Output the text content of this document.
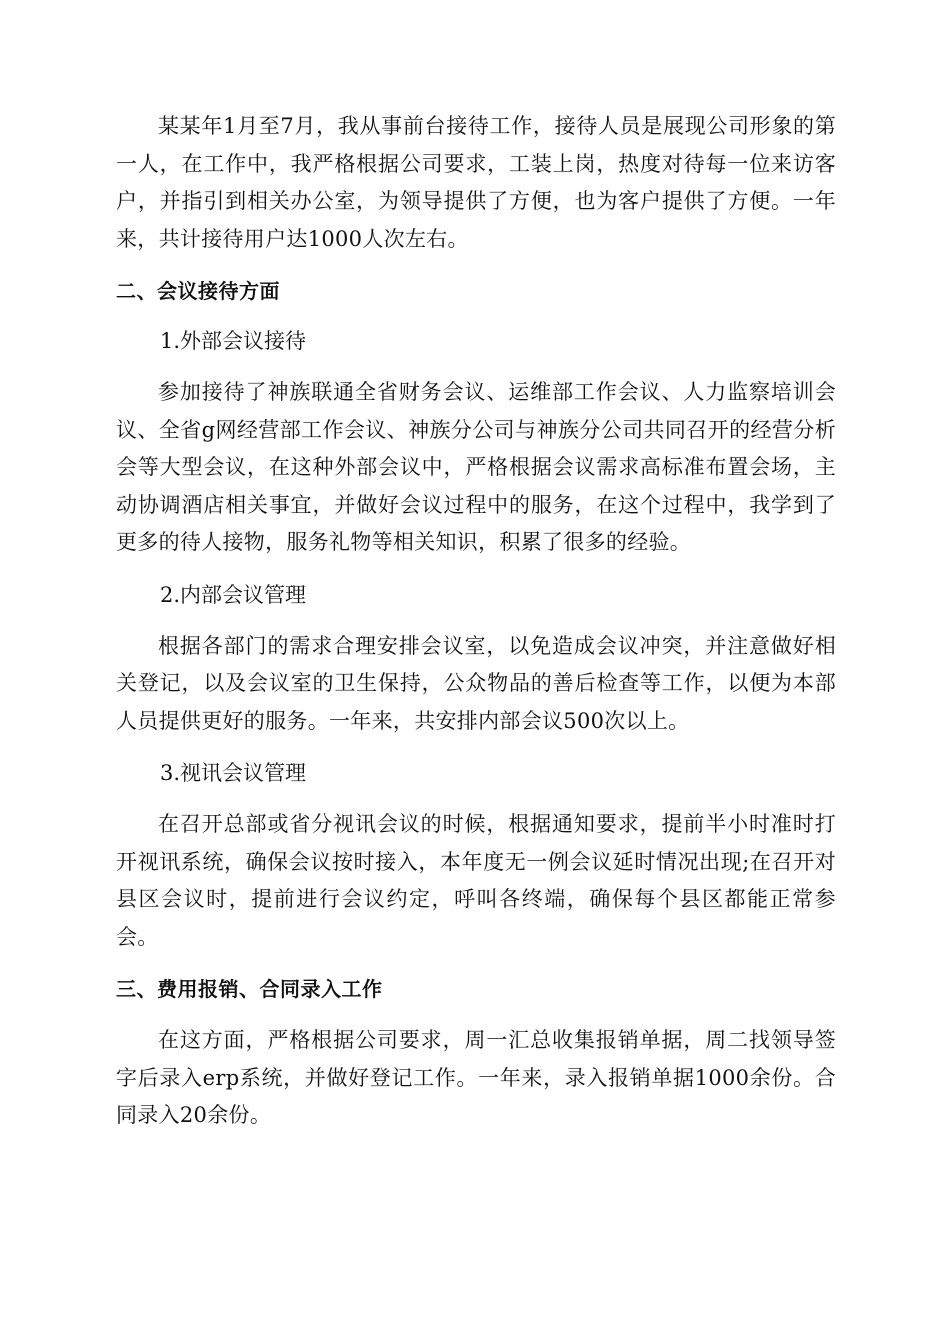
某某年1月至7月，我从事前台接待工作，接待人员是展现公司形象的第一人，在工作中，我严格根据公司要求，工装上岗，热度对待每一位来访客户，并指引到相关办公室，为领导提供了方便，也为客户提供了方便。一年来，共计接待用户达1000人次左右。

二、会议接待方面
1.外部会议接待

参加接待了神族联通全省财务会议、运维部工作会议、人力监察培训会议、全省g网经营部工作会议、神族分公司与神族分公司共同召开的经营分析会等大型会议，在这种外部会议中，严格根据会议需求高标准布置会场，主动协调酒店相关事宜，并做好会议过程中的服务，在这个过程中，我学到了更多的待人接物，服务礼物等相关知识，积累了很多的经验。

2.内部会议管理

根据各部门的需求合理安排会议室，以免造成会议冲突，并注意做好相关登记，以及会议室的卫生保持，公众物品的善后检查等工作，以便为本部人员提供更好的服务。一年来，共安排内部会议500次以上。

3.视讯会议管理

在召开总部或省分视讯会议的时候，根据通知要求，提前半小时准时打开视讯系统，确保会议按时接入，本年度无一例会议延时情况出现;在召开对县区会议时，提前进行会议约定，呼叫各终端，确保每个县区都能正常参会。

三、费用报销、合同录入工作

在这方面，严格根据公司要求，周一汇总收集报销单据，周二找领导签字后录入erp系统，并做好登记工作。一年来，录入报销单据1000余份。合同录入20余份。
